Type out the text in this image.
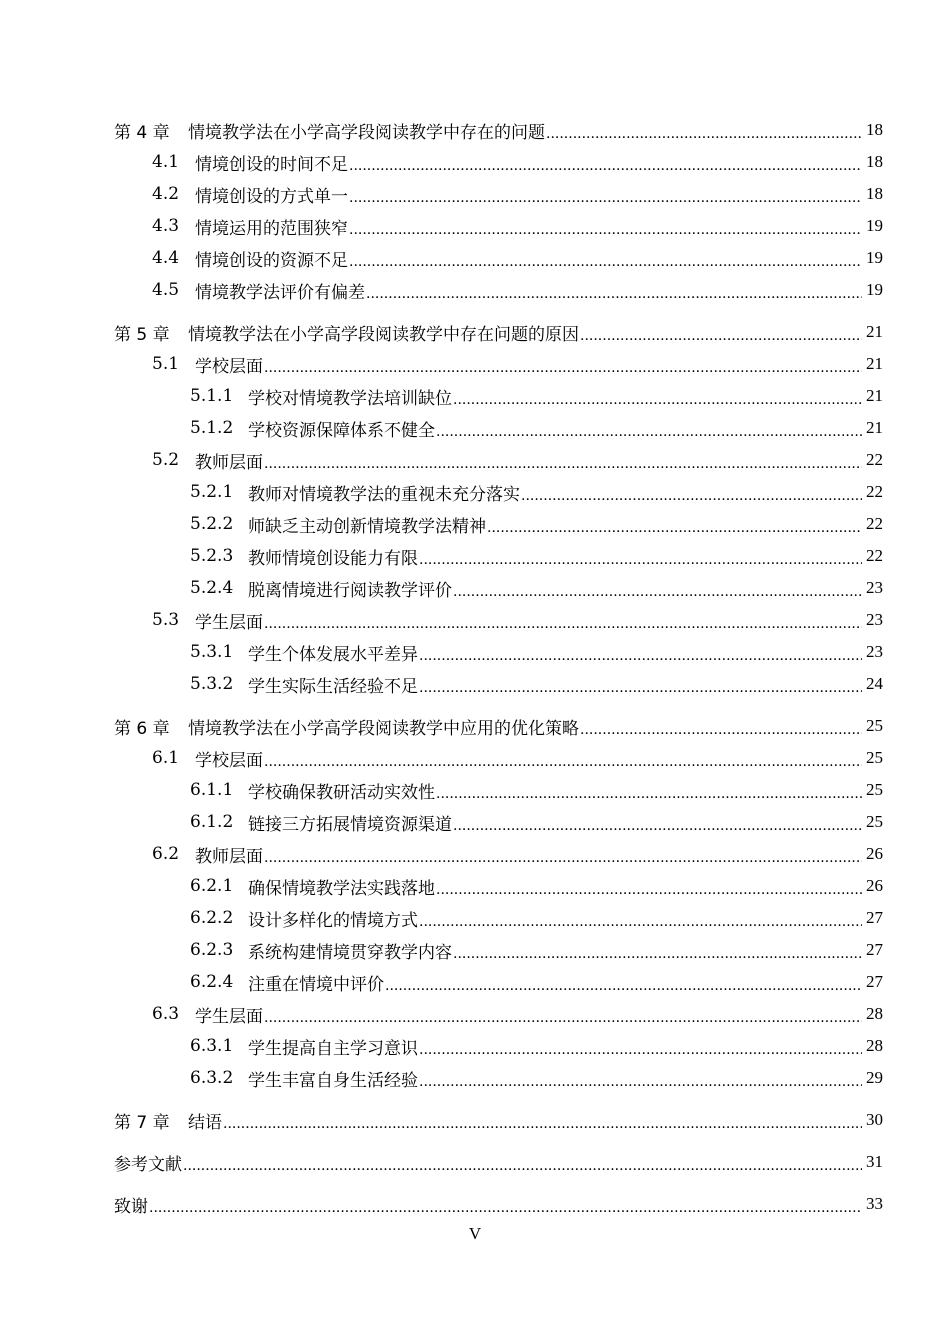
第 4 章	情境教学法在小学高学段阅读教学中存在的问题 .....	18
4.1 情境创设的时间不足 .....	18
4.2 情境创设的方式单一 .....	18
4.3 情境运用的范围狭窄 .....	19
4.4 情境创设的资源不足 .....	19
4.5 情境教学法评价有偏差 .....	19
第 5 章	情境教学法在小学高学段阅读教学中存在问题的原因 .....	21
5.1 学校层面 .....	21
5.1.1 学校对情境教学法培训缺位 .....	21
5.1.2 学校资源保障体系不健全 .....	21
5.2 教师层面 .....	22
5.2.1 教师对情境教学法的重视未充分落实 .....	22
5.2.2 师缺乏主动创新情境教学法精神 .....	22
5.2.3 教师情境创设能力有限 .....	22
5.2.4 脱离情境进行阅读教学评价 .....	23
5.3 学生层面 .....	23
5.3.1 学生个体发展水平差异 .....	23
5.3.2 学生实际生活经验不足 .....	24
第 6 章	情境教学法在小学高学段阅读教学中应用的优化策略 .....	25
6.1 学校层面 .....	25
6.1.1 学校确保教研活动实效性 .....	25
6.1.2 链接三方拓展情境资源渠道 .....	25
6.2 教师层面 .....	26
6.2.1 确保情境教学法实践落地 .....	26
6.2.2 设计多样化的情境方式 .....	27
6.2.3 系统构建情境贯穿教学内容 .....	27
6.2.4 注重在情境中评价 .....	27
6.3 学生层面 .....	28
6.3.1 学生提高自主学习意识 .....	28
6.3.2 学生丰富自身生活经验 .....	29
第 7 章	结语 .....	30
参考文献 .....	31
致谢 .....	33
V
